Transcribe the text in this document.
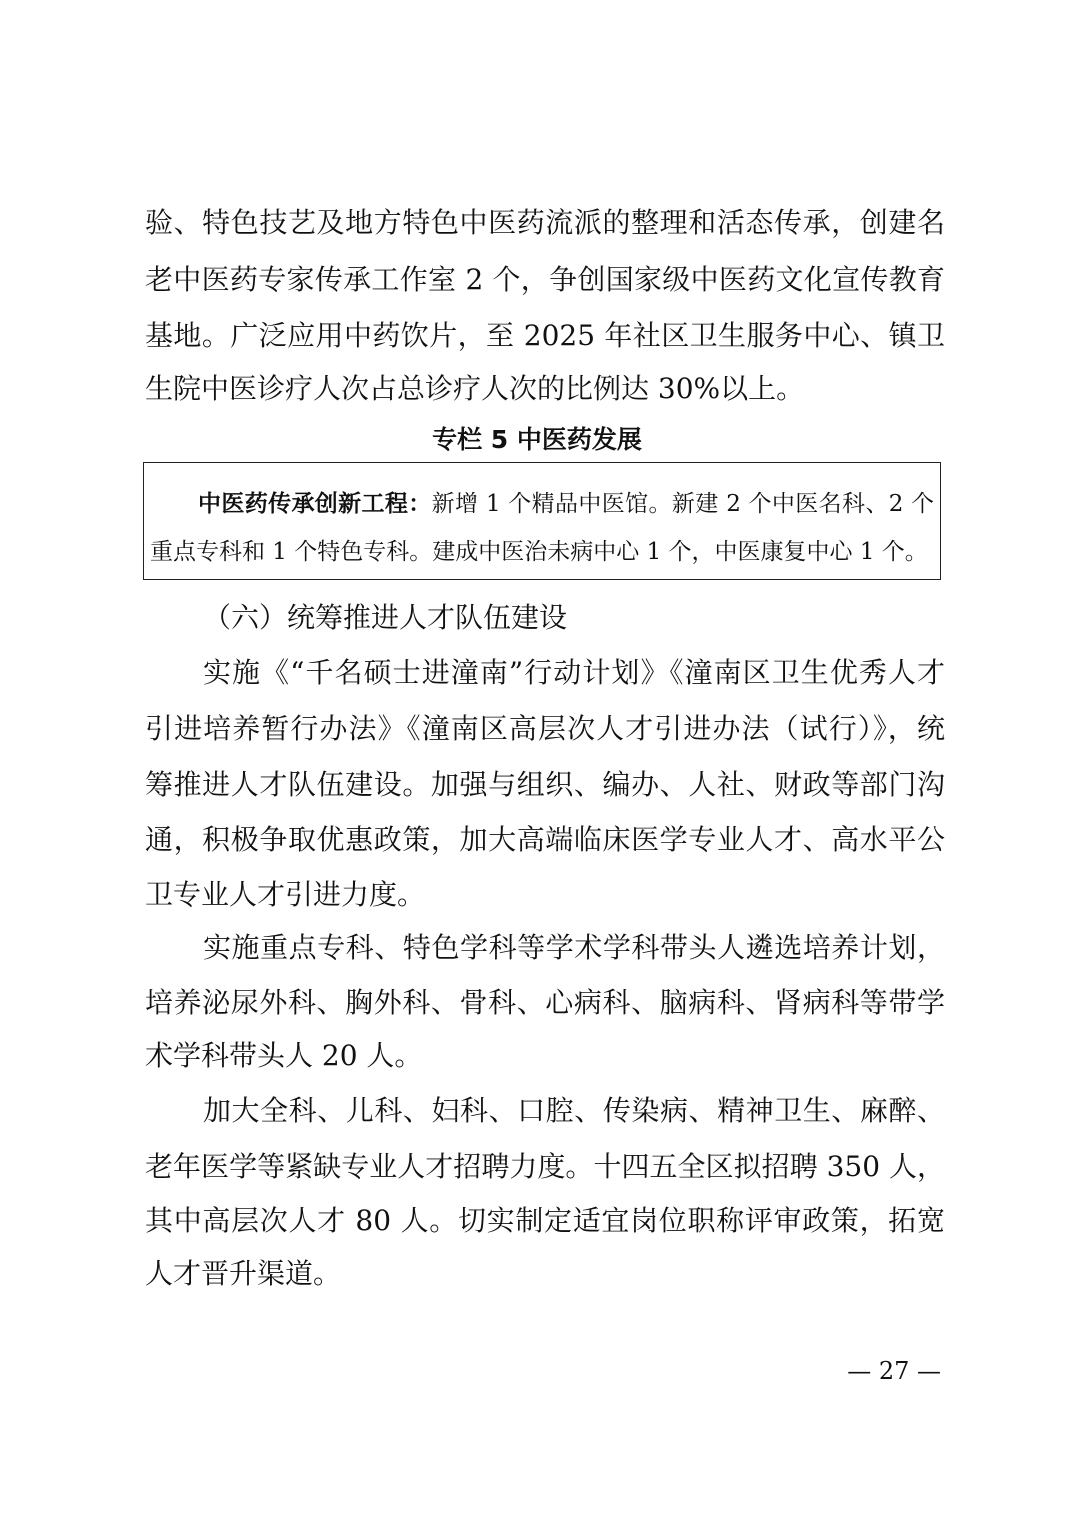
验、特色技艺及地方特色中医药流派的整理和活态传承，创建名
老中医药专家传承工作室 2 个，争创国家级中医药文化宣传教育
基地。广泛应用中药饮片，至 2025 年社区卫生服务中心、镇卫
生院中医诊疗人次占总诊疗人次的比例达 30%以上。
专栏 5 中医药发展
中医药传承创新工程：新增 1 个精品中医馆。新建 2 个中医名科、2 个
重点专科和 1 个特色专科。建成中医治未病中心 1 个，中医康复中心 1 个。
（六）统筹推进人才队伍建设
实施《“千名硕士进潼南”行动计划》《潼南区卫生优秀人才
引进培养暂行办法》《潼南区高层次人才引进办法（试行）》，统
筹推进人才队伍建设。加强与组织、编办、人社、财政等部门沟
通，积极争取优惠政策，加大高端临床医学专业人才、高水平公
卫专业人才引进力度。
实施重点专科、特色学科等学术学科带头人遴选培养计划，
培养泌尿外科、胸外科、骨科、心病科、脑病科、肾病科等带学
术学科带头人 20 人。
加大全科、儿科、妇科、口腔、传染病、精神卫生、麻醉、
老年医学等紧缺专业人才招聘力度。十四五全区拟招聘 350 人，
其中高层次人才 80 人。切实制定适宜岗位职称评审政策，拓宽
人才晋升渠道。
— 27 —
